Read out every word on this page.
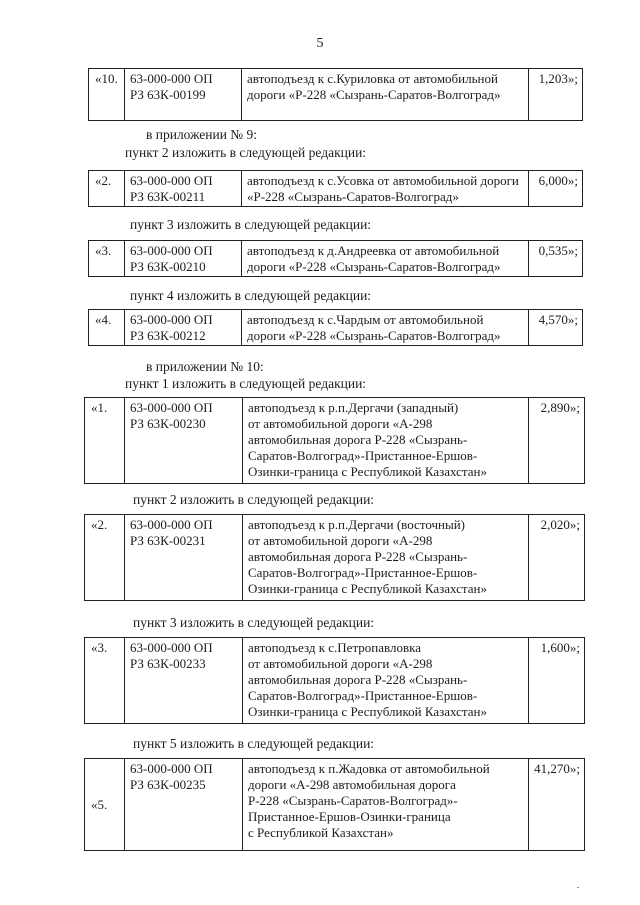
5
«10.	63-000-000 ОП
РЗ 63К-00199	автоподъезд к с.Куриловка от автомобильной дороги «Р-228 «Сызрань-Саратов-Волгоград»	1,203»;
в приложении № 9:
пункт 2 изложить в следующей редакции:
«2.	63-000-000 ОП
РЗ 63К-00211	автоподъезд к с.Усовка от автомобильной дороги «Р-228 «Сызрань-Саратов-Волгоград»	6,000»;
пункт 3 изложить в следующей редакции:
«3.	63-000-000 ОП
РЗ 63К-00210	автоподъезд к д.Андреевка от автомобильной дороги «Р-228 «Сызрань-Саратов-Волгоград»	0,535»;
пункт 4 изложить в следующей редакции:
«4.	63-000-000 ОП
РЗ 63К-00212	автоподъезд к с.Чардым от автомобильной дороги «Р-228 «Сызрань-Саратов-Волгоград»	4,570»;
в приложении № 10:
пункт 1 изложить в следующей редакции:
«1.	63-000-000 ОП
РЗ 63К-00230	автоподъезд к р.п.Дергачи (западный)
от автомобильной дороги «А-298
автомобильная дорога Р-228 «Сызрань-
Саратов-Волгоград»-Пристанное-Ершов-
Озинки-граница с Республикой Казахстан»	2,890»;
пункт 2 изложить в следующей редакции:
«2.	63-000-000 ОП
РЗ 63К-00231	автоподъезд к р.п.Дергачи (восточный)
от автомобильной дороги «А-298
автомобильная дорога Р-228 «Сызрань-
Саратов-Волгоград»-Пристанное-Ершов-
Озинки-граница с Республикой Казахстан»	2,020»;
пункт 3 изложить в следующей редакции:
«3.	63-000-000 ОП
РЗ 63К-00233	автоподъезд к с.Петропавловка
от автомобильной дороги «А-298
автомобильная дорога Р-228 «Сызрань-
Саратов-Волгоград»-Пристанное-Ершов-
Озинки-граница с Республикой Казахстан»	1,600»;
пункт 5 изложить в следующей редакции:
«5.	63-000-000 ОП
РЗ 63К-00235	автоподъезд к п.Жадовка от автомобильной
дороги «А-298 автомобильная дорога
Р-228 «Сызрань-Саратов-Волгоград»-
Пристанное-Ершов-Озинки-граница
с Республикой Казахстан»	41,270»;
